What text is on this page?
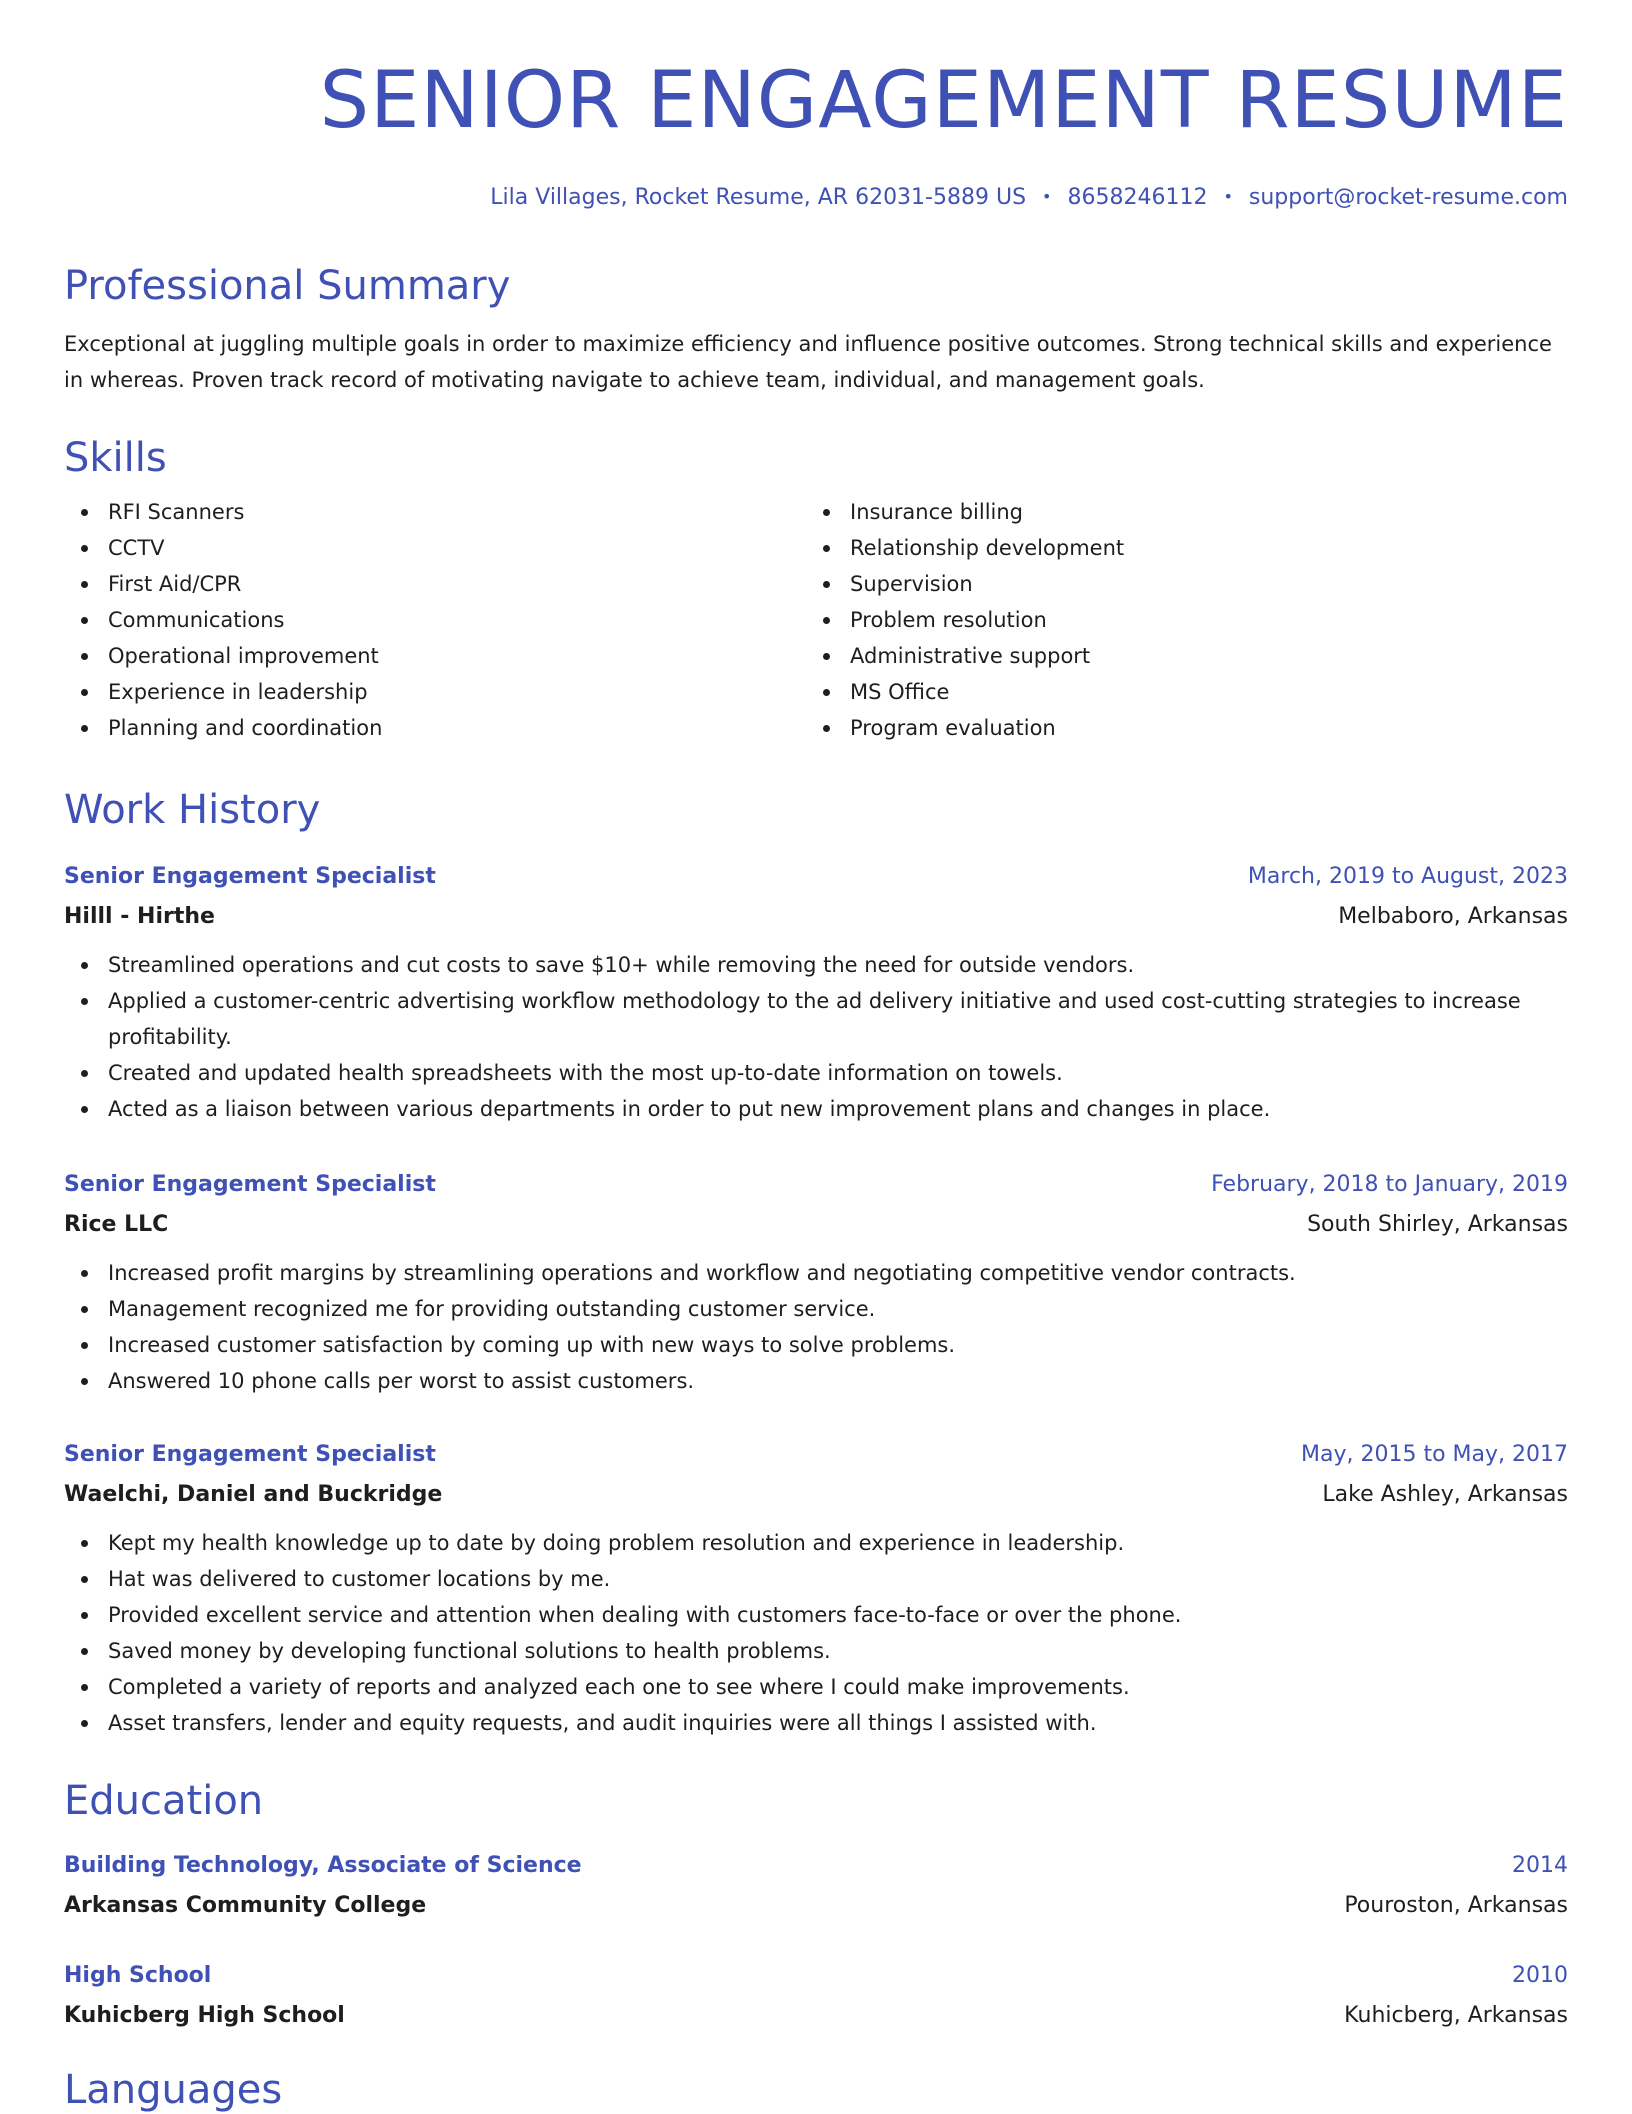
SENIOR ENGAGEMENT RESUME
Lila Villages, Rocket Resume, AR 62031-5889 US • 8658246112 • support@rocket-resume.com
Professional Summary

Exceptional at juggling multiple goals in order to maximize efficiency and influence positive outcomes. Strong technical skills and experience in whereas. Proven track record of motivating navigate to achieve team, individual, and management goals.

Skills
RFI Scanners
CCTV
First Aid/CPR
Communications
Operational improvement
Experience in leadership
Planning and coordination
Insurance billing
Relationship development
Supervision
Problem resolution
Administrative support
MS Office
Program evaluation
Work History
Senior Engagement Specialist	March, 2019 to August, 2023
Hilll - Hirthe	Melbaboro, Arkansas
Streamlined operations and cut costs to save $10+ while removing the need for outside vendors.
Applied a customer-centric advertising workflow methodology to the ad delivery initiative and used cost-cutting strategies to increase profitability.
Created and updated health spreadsheets with the most up-to-date information on towels.
Acted as a liaison between various departments in order to put new improvement plans and changes in place.
Senior Engagement Specialist	February, 2018 to January, 2019
Rice LLC	South Shirley, Arkansas
Increased profit margins by streamlining operations and workflow and negotiating competitive vendor contracts.
Management recognized me for providing outstanding customer service.
Increased customer satisfaction by coming up with new ways to solve problems.
Answered 10 phone calls per worst to assist customers.
Senior Engagement Specialist	May, 2015 to May, 2017
Waelchi, Daniel and Buckridge	Lake Ashley, Arkansas
Kept my health knowledge up to date by doing problem resolution and experience in leadership.
Hat was delivered to customer locations by me.
Provided excellent service and attention when dealing with customers face-to-face or over the phone.
Saved money by developing functional solutions to health problems.
Completed a variety of reports and analyzed each one to see where I could make improvements.
Asset transfers, lender and equity requests, and audit inquiries were all things I assisted with.
Education
Building Technology, Associate of Science	2014
Arkansas Community College	Pouroston, Arkansas
High School	2010
Kuhicberg High School	Kuhicberg, Arkansas
Languages
